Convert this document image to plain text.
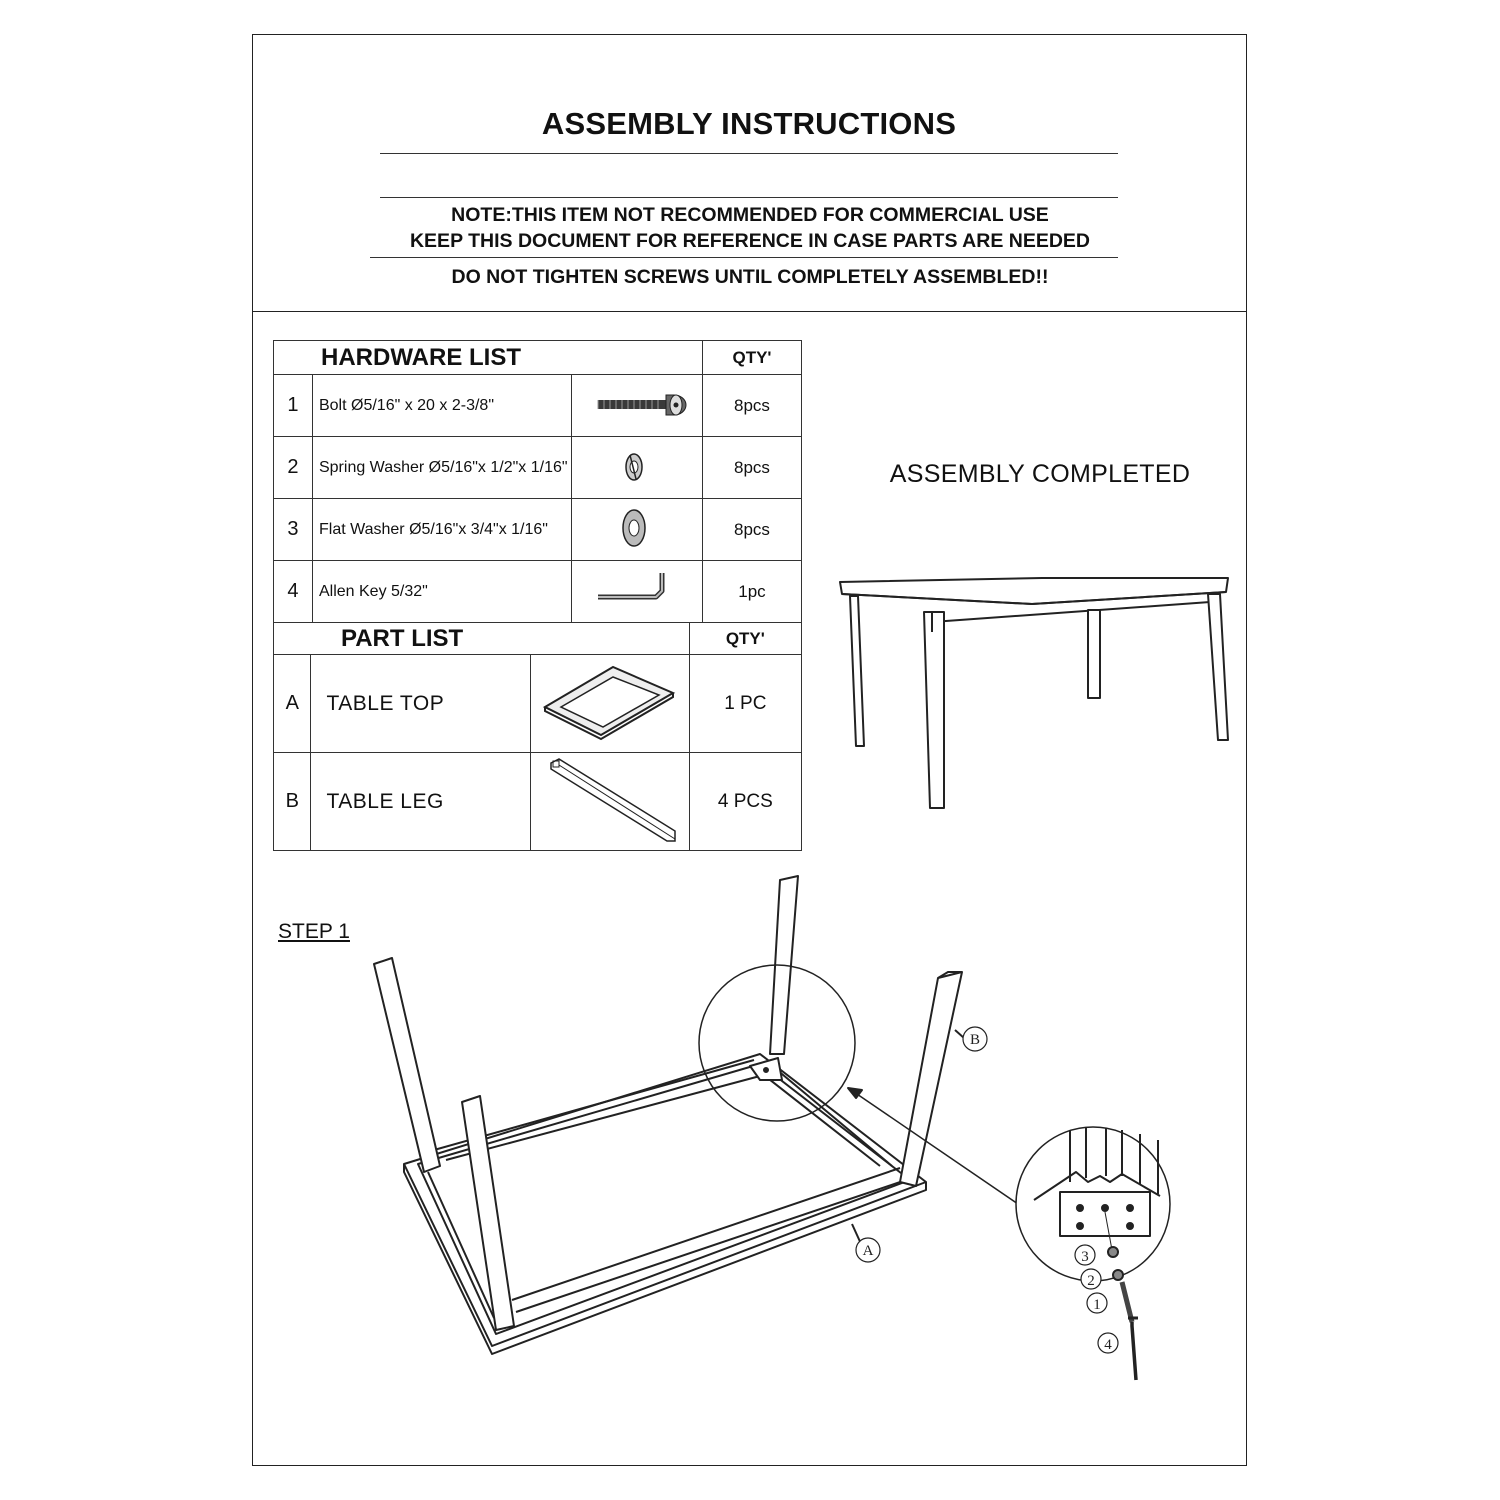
ASSEMBLY INSTRUCTIONS
NOTE:THIS ITEM NOT RECOMMENDED FOR COMMERCIAL USE
KEEP THIS DOCUMENT FOR REFERENCE IN CASE PARTS ARE NEEDED
DO NOT TIGHTEN SCREWS UNTIL COMPLETELY ASSEMBLED!!
HARDWARE LIST			QTY'
1	Bolt Ø5/16" x 20 x 2-3/8"		8pcs
2	Spring Washer Ø5/16"x 1/2"x 1/16"		8pcs
3	Flat Washer Ø5/16"x 3/4"x 1/16"		8pcs
4	Allen Key 5/32"		1pc
PART LIST			QTY'
A	TABLE TOP		1 PC
B	TABLE LEG		4 PCS
ASSEMBLY COMPLETED
STEP 1
A
B
3
2
1
4
